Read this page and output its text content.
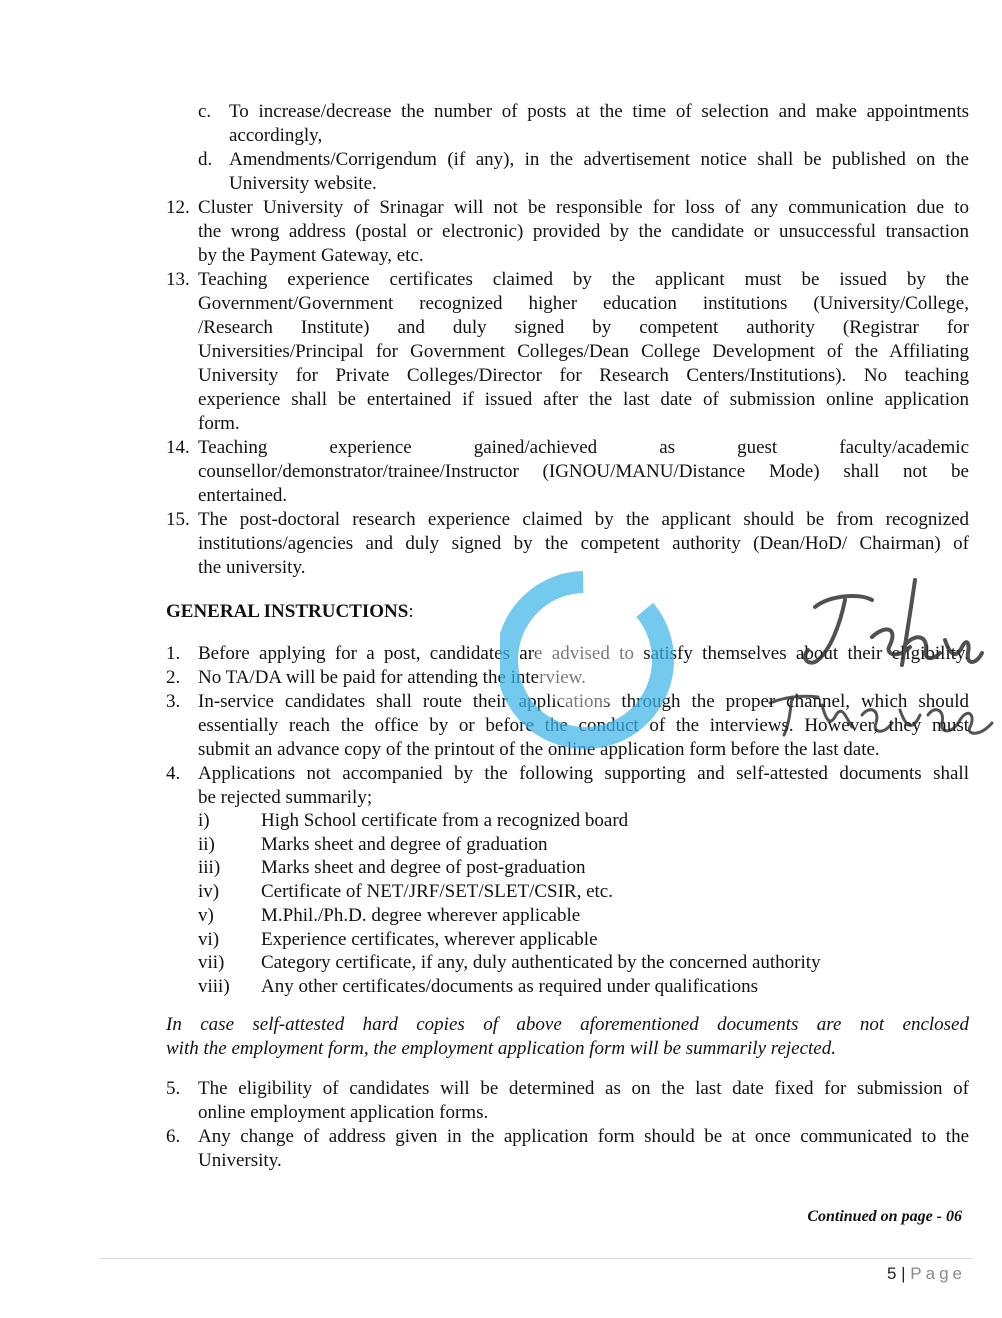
c. To increase/decrease the number of posts at the time of selection and make appointments
accordingly,
d. Amendments/Corrigendum (if any), in the advertisement notice shall be published on the
University website.
12. Cluster University of Srinagar will not be responsible for loss of any communication due to
the wrong address (postal or electronic) provided by the candidate or unsuccessful transaction
by the Payment Gateway, etc.
13. Teaching experience certificates claimed by the applicant must be issued by the
Government/Government recognized higher education institutions (University/College,
/Research Institute) and duly signed by competent authority (Registrar for
Universities/Principal for Government Colleges/Dean College Development of the Affiliating
University for Private Colleges/Director for Research Centers/Institutions). No teaching
experience shall be entertained if issued after the last date of submission online application
form.
14. Teaching experience gained/achieved as guest faculty/academic
counsellor/demonstrator/trainee/Instructor (IGNOU/MANU/Distance Mode) shall not be
entertained.
15. The post-doctoral research experience claimed by the applicant should be from recognized
institutions/agencies and duly signed by the competent authority (Dean/HoD/ Chairman) of
the university.
GENERAL INSTRUCTIONS:
1. Before applying for a post, candidates are advised to satisfy themselves about their eligibility.
2. No TA/DA will be paid for attending the interview.
3. In-service candidates shall route their applications through the proper channel, which should
essentially reach the office by or before the conduct of the interviews. However, they must
submit an advance copy of the printout of the online application form before the last date.
4. Applications not accompanied by the following supporting and self-attested documents shall
be rejected summarily;
i)	High School certificate from a recognized board
ii) Marks sheet and degree of graduation
iii) Marks sheet and degree of post-graduation
iv) Certificate of NET/JRF/SET/SLET/CSIR, etc.
v) M.Phil./Ph.D. degree wherever applicable
vi) Experience certificates, wherever applicable
vii) Category certificate, if any, duly authenticated by the concerned authority
viii) Any other certificates/documents as required under qualifications
In case self-attested hard copies of above aforementioned documents are not enclosed
with the employment form, the employment application form will be summarily rejected.
5. The eligibility of candidates will be determined as on the last date fixed for submission of
online employment application forms.
6. Any change of address given in the application form should be at once communicated to the
University.
Continued on page - 06
5 | Page
